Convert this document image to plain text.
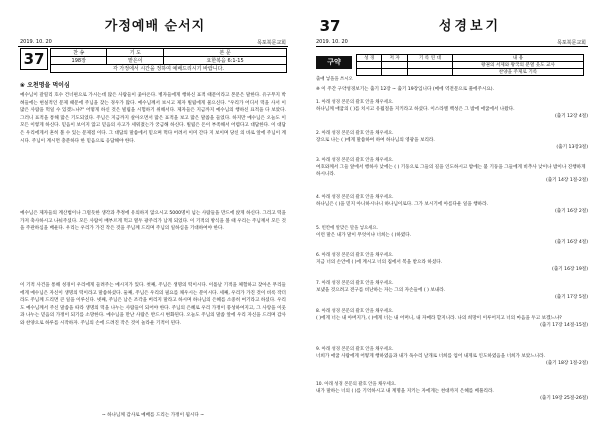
가정예배 순서지
2019. 10. 20	목포북문교회
37	찬 송	기 도	본 문
198장	맡은이	요한복음 6:1-15
각 가정에서 시간을 정하여 예배드리시기 바랍니다.		
❀ 오천명을 먹이심
예수님이 갈릴리 호수 건너편으로 가시는데 많은 사람들이 좇아온다. 병자들에게 행하신 표적 때문이라고 본문은 말한다. 유구무지 박혀들에는 현실적인 문제 때문에 주님을 찾는 경우가 많다. 예수님께서 보시고 제자 빌립에게 물으신다. "우리가 어디서 떡을 사서 이 많은 사람을 먹일 수 있겠느냐?" 어떻게 하신 것은 빌립을 시험하기 위해서다. 제자들은 지금까지 예수님의 행하신 표적을 다 보았다. 그러니 표적을 통해 많은 기도되었다. 주님은 지금까지 살아오면서 많은 표적을 보고 많은 말씀을 들었다. 하지만 예수님은 오늘도 이 모든 이렇게 하신다. 믿음이 보이지 않고 믿음의 사고가 세워졌는가 궁금해 하신다. 빌립은 돈이 부족해서 어렵다고 대답한다. 이 대답은 우리에게서 흔히 볼 수 있는 문제점 이다. 그 대답의 말씀에서 믿으며 먹다 어려서 이미 간다 지 보이며 당신 의 바로 앞에 주님이 계시다. 주님이 계시면 충분하다 한 믿음으로 응답해야 한다.
예수님은 제자들의 계산법이나 그럴듯한 생각과 추정에 유의하지 않으시고 5000명이 넘는 사람들을 만드에 앉게 하신다. 그리고 떡을 가져 축사하시고 나눠주셨다. 모든 사람이 배부르게 먹고 열두 광주리가 남게 되었다. 이 기적의 방식을 볼 때 우리는 주님께서 모든 것을 주관하심을 배운다. 우리는 우리가 가진 작은 것을 주님께 드리며 주님의 일하심을 기대하여야 한다.
이 기적 사건을 통해 성경이 우리에게 들려주는 메시지가 있다. 첫째, 주님은 생명의 떡이시다. 이틀날 기적을 체험하고 찾아온 무리들에게 예수님은 자신이 생명의 떡이라고 말씀하셨다. 둘째, 주님은 우리의 필요를 채우시는 분이시다. 세째, 우리가 가진 것이 비록 작더라도 주님께 드리면 큰 일을 이루신다. 넷째, 주님은 남은 조각을 버리지 말라고 하시며 하나님의 은혜를 소중히 여기라고 하셨다. 우리도 예수님께서 주신 말씀을 따라 생명의 떡을 나누는 사람들이 되어야 한다. 주님의 은혜로 우리 가정이 풍성하여지고, 그 사랑을 이웃과 나누는 믿음의 가정이 되기를 소망한다. 예수님을 만난 사람은 반드시 변화된다. 오늘도 주님의 말씀 앞에 우리 자신을 드리며 감사와 찬양으로 하루를 시작하자. 주님의 손에 드려진 작은 것이 놀라운 기적이 된다.
~ 하나님께 감사로 예배를 드리는 가정이 됩시다 ~
37	성경보기
2019. 10. 20	목포북문교회
구약	성 경	저 자	기 록 연 대	내 용
			왕권의 서제와 왕국의 분열 웃도 교사
			찬양을 주제로 기록
출애 넣을을 쓰시오
※ 이 주간 구약성경보기는 출기 12장 ~ 출기 19장입니다 (매에 역전문으로 풀에주시요).
1. 아래 성경 본문의 괄호 안을 채우세요.
하나님께 애굽의 ( )를 치시고 유월절을 지키라고 하셨다. 이스라엘 백성은 그 밤에 애굽에서 나왔다.
(출기 12장 4절)
2. 아래 성경 본문의 괄호 안을 채우세요.
장으로 나는 ( )에게 말씀하여 하여 하나님의 영광을 보리라.
(출기 13장3절)
3. 아래 성경 본문의 괄호 안을 채우세요.
여호와께서 그들 앞에서 행하사 낮에는 ( ) 기둥으로 그들의 길을 인도하시고 밤에는 불 기둥을 그들에게 비추사 낮이나 밤이나 진행하게 하시니라.
(출기 14장 1절-2절)
4. 아래 성경 본문의 괄호 안을 채우세요.
하나님은 ( )을 믿지 아니하시나니 하나님이로다. 그가 보시기에 아름다운 일을 행하라.
(출기 16장 2절)
5. 빈칸에 알맞은 말을 넣으세요.
이런 말은 내가 말이 무엇이냐 너희는 ( )하였다.
(출기 16장 4절)
6. 아래 성경 본문의 괄호 안을 채우세요.
지금 너의 손안에 ( )에 계시고 너의 집에서 복을 받으라 하셨다.
(출기 16장 19절)
7. 아래 성경 본문의 괄호 안을 채우세요.
보냈을 것으려고 전구를 비난하는 자는 그의 자손들에 ( ) 보내라.
(출기 17장 5절)
8. 아래 성경 본문의 괄호 안을 채우세요.
( )에게 너는 내 아버지가, ( )에게 너는 내 어머니, 내 자매라 할지니라. 나의 희망이 이루어지고 너의 마음을 두고 보겠느냐?
(출기 17장 14절-15절)
9. 아래 성경 본문의 괄호 안을 채우세요.
너희가 애굽 사람에게 어떻게 행하였음과 내가 독수리 날개로 너희를 업어 내게로 인도하였음을 너희가 보았느니라.
(출기 18장 1절-2절)
10. 아래 성경 본문의 괄호 안을 채우세요.
내가 말하는 너의 ( )를 기억하시고 내 계명을 지키는 자에게는 천대까지 은혜를 베풀리라.
(출기 19장 25절-26절)
